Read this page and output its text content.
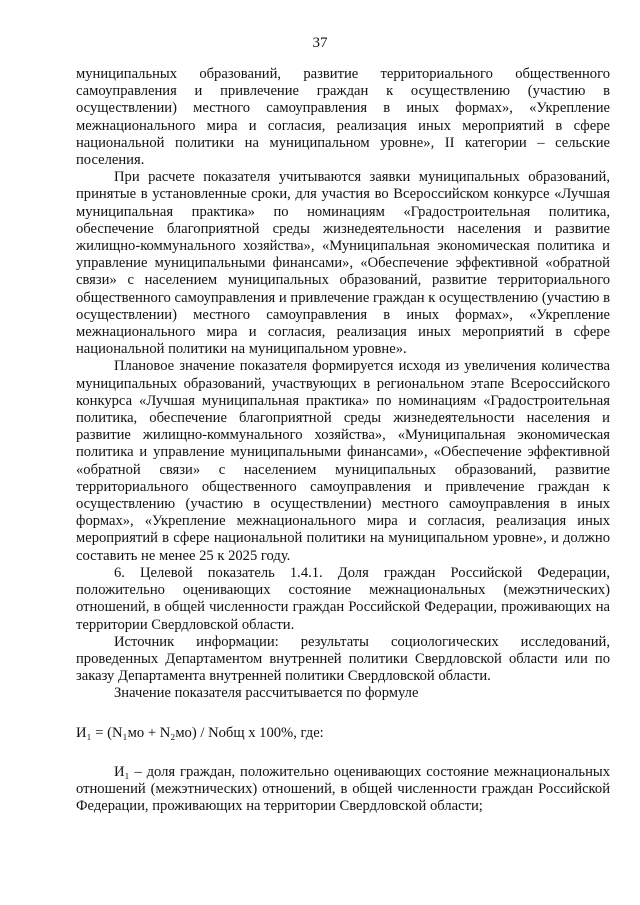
37

муниципальных образований, развитие территориального общественного самоуправления и привлечение граждан к осуществлению (участию в осуществлении) местного самоуправления в иных формах», «Укрепление межнационального мира и согласия, реализация иных мероприятий в сфере национальной политики на муниципальном уровне», II категории – сельские поселения.

При расчете показателя учитываются заявки муниципальных образований, принятые в установленные сроки, для участия во Всероссийском конкурсе «Лучшая муниципальная практика» по номинациям «Градостроительная политика, обеспечение благоприятной среды жизнедеятельности населения и развитие жилищно-коммунального хозяйства», «Муниципальная экономическая политика и управление муниципальными финансами», «Обеспечение эффективной «обратной связи» с населением муниципальных образований, развитие территориального общественного самоуправления и привлечение граждан к осуществлению (участию в осуществлении) местного самоуправления в иных формах», «Укрепление межнационального мира и согласия, реализация иных мероприятий в сфере национальной политики на муниципальном уровне».

Плановое значение показателя формируется исходя из увеличения количества муниципальных образований, участвующих в региональном этапе Всероссийского конкурса «Лучшая муниципальная практика» по номинациям «Градостроительная политика, обеспечение благоприятной среды жизнедеятельности населения и развитие жилищно-коммунального хозяйства», «Муниципальная экономическая политика и управление муниципальными финансами», «Обеспечение эффективной «обратной связи» с населением муниципальных образований, развитие территориального общественного самоуправления и привлечение граждан к осуществлению (участию в осуществлении) местного самоуправления в иных формах», «Укрепление межнационального мира и согласия, реализация иных мероприятий в сфере национальной политики на муниципальном уровне», и должно составить не менее 25 к 2025 году.

6. Целевой показатель 1.4.1. Доля граждан Российской Федерации, положительно оценивающих состояние межнациональных (межэтнических) отношений, в общей численности граждан Российской Федерации, проживающих на территории Свердловской области.

Источник информации: результаты социологических исследований, проведенных Департаментом внутренней политики Свердловской области или по заказу Департамента внутренней политики Свердловской области.

Значение показателя рассчитывается по формуле

И₁ = (N₁мо + N₂мо) / Nобщ x 100%, где:

И₁ – доля граждан, положительно оценивающих состояние межнациональных отношений (межэтнических) отношений, в общей численности граждан Российской Федерации, проживающих на территории Свердловской области;
